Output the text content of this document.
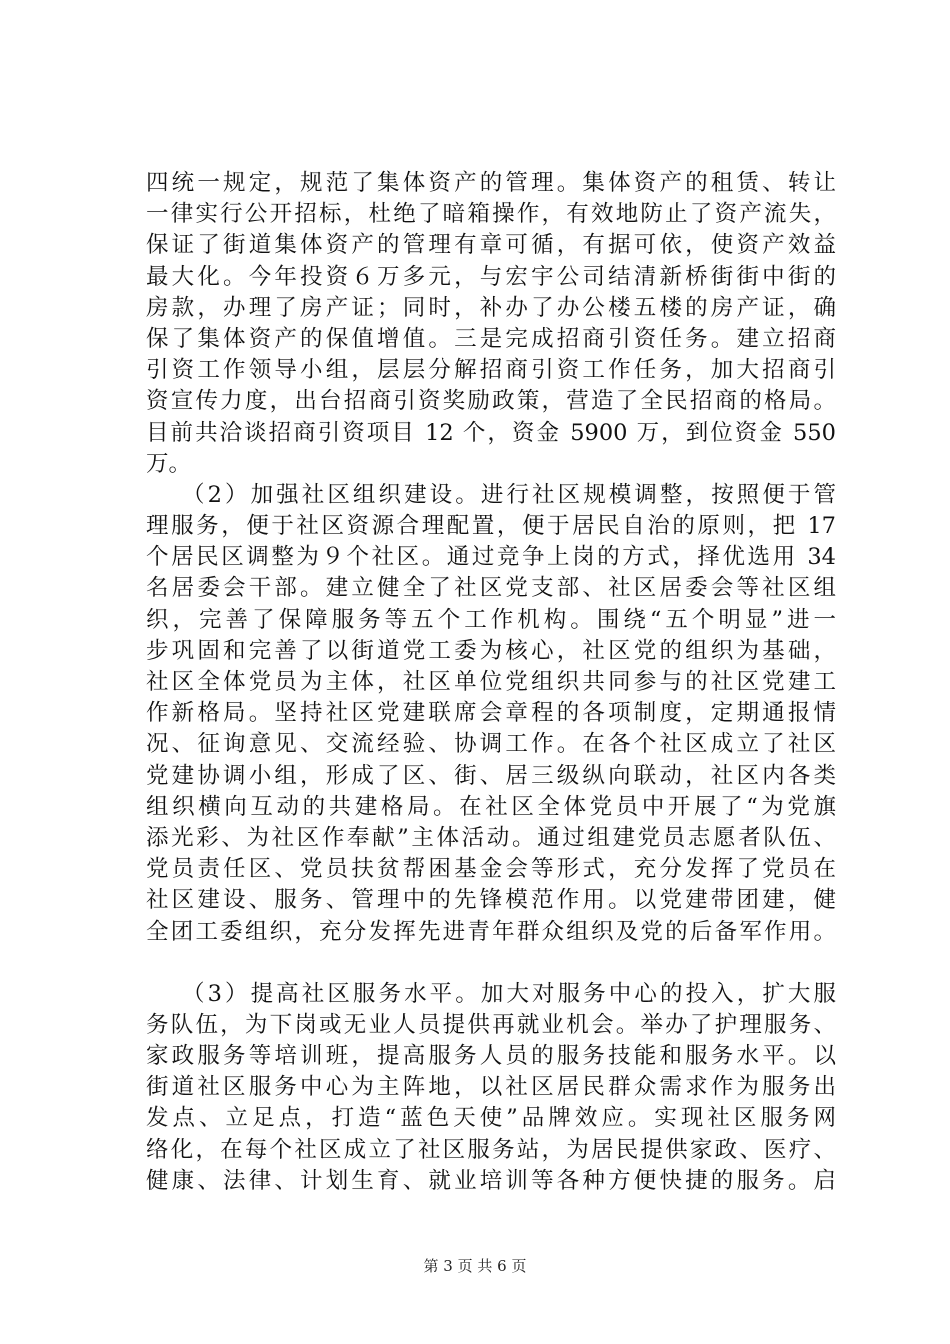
四统一规定，规范了集体资产的管理。集体资产的租赁、转让
一律实行公开招标，杜绝了暗箱操作，有效地防止了资产流失，
保证了街道集体资产的管理有章可循，有据可依，使资产效益
最大化。今年投资６万多元，与宏宇公司结清新桥街街中街的
房款，办理了房产证；同时，补办了办公楼五楼的房产证，确
保了集体资产的保值增值。三是完成招商引资任务。建立招商
引资工作领导小组，层层分解招商引资工作任务，加大招商引
资宣传力度，出台招商引资奖励政策，营造了全民招商的格局。
目前共洽谈招商引资项目 12 个，资金 5900 万，到位资金 550
万。
（2）加强社区组织建设。进行社区规模调整，按照便于管
理服务，便于社区资源合理配置，便于居民自治的原则，把 17
个居民区调整为９个社区。通过竞争上岗的方式，择优选用 34
名居委会干部。建立健全了社区党支部、社区居委会等社区组
织，完善了保障服务等五个工作机构。围绕“五个明显”进一
步巩固和完善了以街道党工委为核心，社区党的组织为基础，
社区全体党员为主体，社区单位党组织共同参与的社区党建工
作新格局。坚持社区党建联席会章程的各项制度，定期通报情
况、征询意见、交流经验、协调工作。在各个社区成立了社区
党建协调小组，形成了区、街、居三级纵向联动，社区内各类
组织横向互动的共建格局。在社区全体党员中开展了“为党旗
添光彩、为社区作奉献”主体活动。通过组建党员志愿者队伍、
党员责任区、党员扶贫帮困基金会等形式，充分发挥了党员在
社区建设、服务、管理中的先锋模范作用。以党建带团建，健
全团工委组织，充分发挥先进青年群众组织及党的后备军作用。
（3）提高社区服务水平。加大对服务中心的投入，扩大服
务队伍，为下岗或无业人员提供再就业机会。举办了护理服务、
家政服务等培训班，提高服务人员的服务技能和服务水平。以
街道社区服务中心为主阵地，以社区居民群众需求作为服务出
发点、立足点，打造“蓝色天使”品牌效应。实现社区服务网
络化，在每个社区成立了社区服务站，为居民提供家政、医疗、
健康、法律、计划生育、就业培训等各种方便快捷的服务。启
第 3 页 共 6 页
